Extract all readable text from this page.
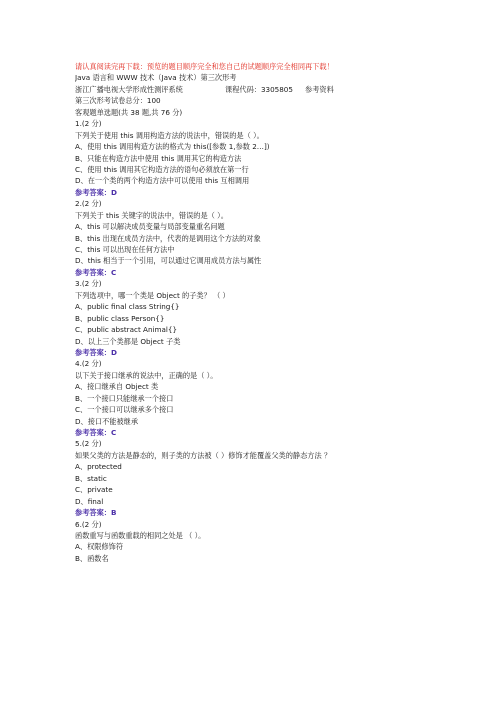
请认真阅读完再下载：预览的题目顺序完全和您自己的试题顺序完全相同再下载！
Java 语言和 WWW 技术（Java 技术）第三次形考
浙江广播电视大学形成性测评系统	课程代码：3305805 参考资料
第三次形考试卷总分：100
客观题单选题(共 38 题,共 76 分)
1.(2 分)
下列关于使用 this 调用构造方法的说法中，错误的是（ ）。
A、使用 this 调用构造方法的格式为 this([参数 1,参数 2…])
B、只能在构造方法中使用 this 调用其它的构造方法
C、使用 this 调用其它构造方法的语句必须放在第一行
D、在一个类的两个构造方法中可以使用 this 互相调用
参考答案：D
2.(2 分)
下列关于 this 关键字的说法中，错误的是（ ）。
A、this 可以解决成员变量与局部变量重名问题
B、this 出现在成员方法中，代表的是调用这个方法的对象
C、this 可以出现在任何方法中
D、this 相当于一个引用，可以通过它调用成员方法与属性
参考答案：C
3.(2 分)
下列选项中，哪一个类是 Object 的子类？ （ ）
A、public final class String{}
B、public class Person{}
C、public abstract Animal{}
D、以上三个类都是 Object 子类
参考答案：D
4.(2 分)
以下关于接口继承的说法中，正确的是（ ）。
A、接口继承自 Object 类
B、一个接口只能继承一个接口
C、一个接口可以继承多个接口
D、接口不能被继承
参考答案：C
5.(2 分)
如果父类的方法是静态的，则子类的方法被（ ）修饰才能覆盖父类的静态方法 ？
A、protected
B、static
C、private
D、final
参考答案：B
6.(2 分)
函数重写与函数重载的相同之处是 （ ）。
A、权限修饰符
B、函数名
